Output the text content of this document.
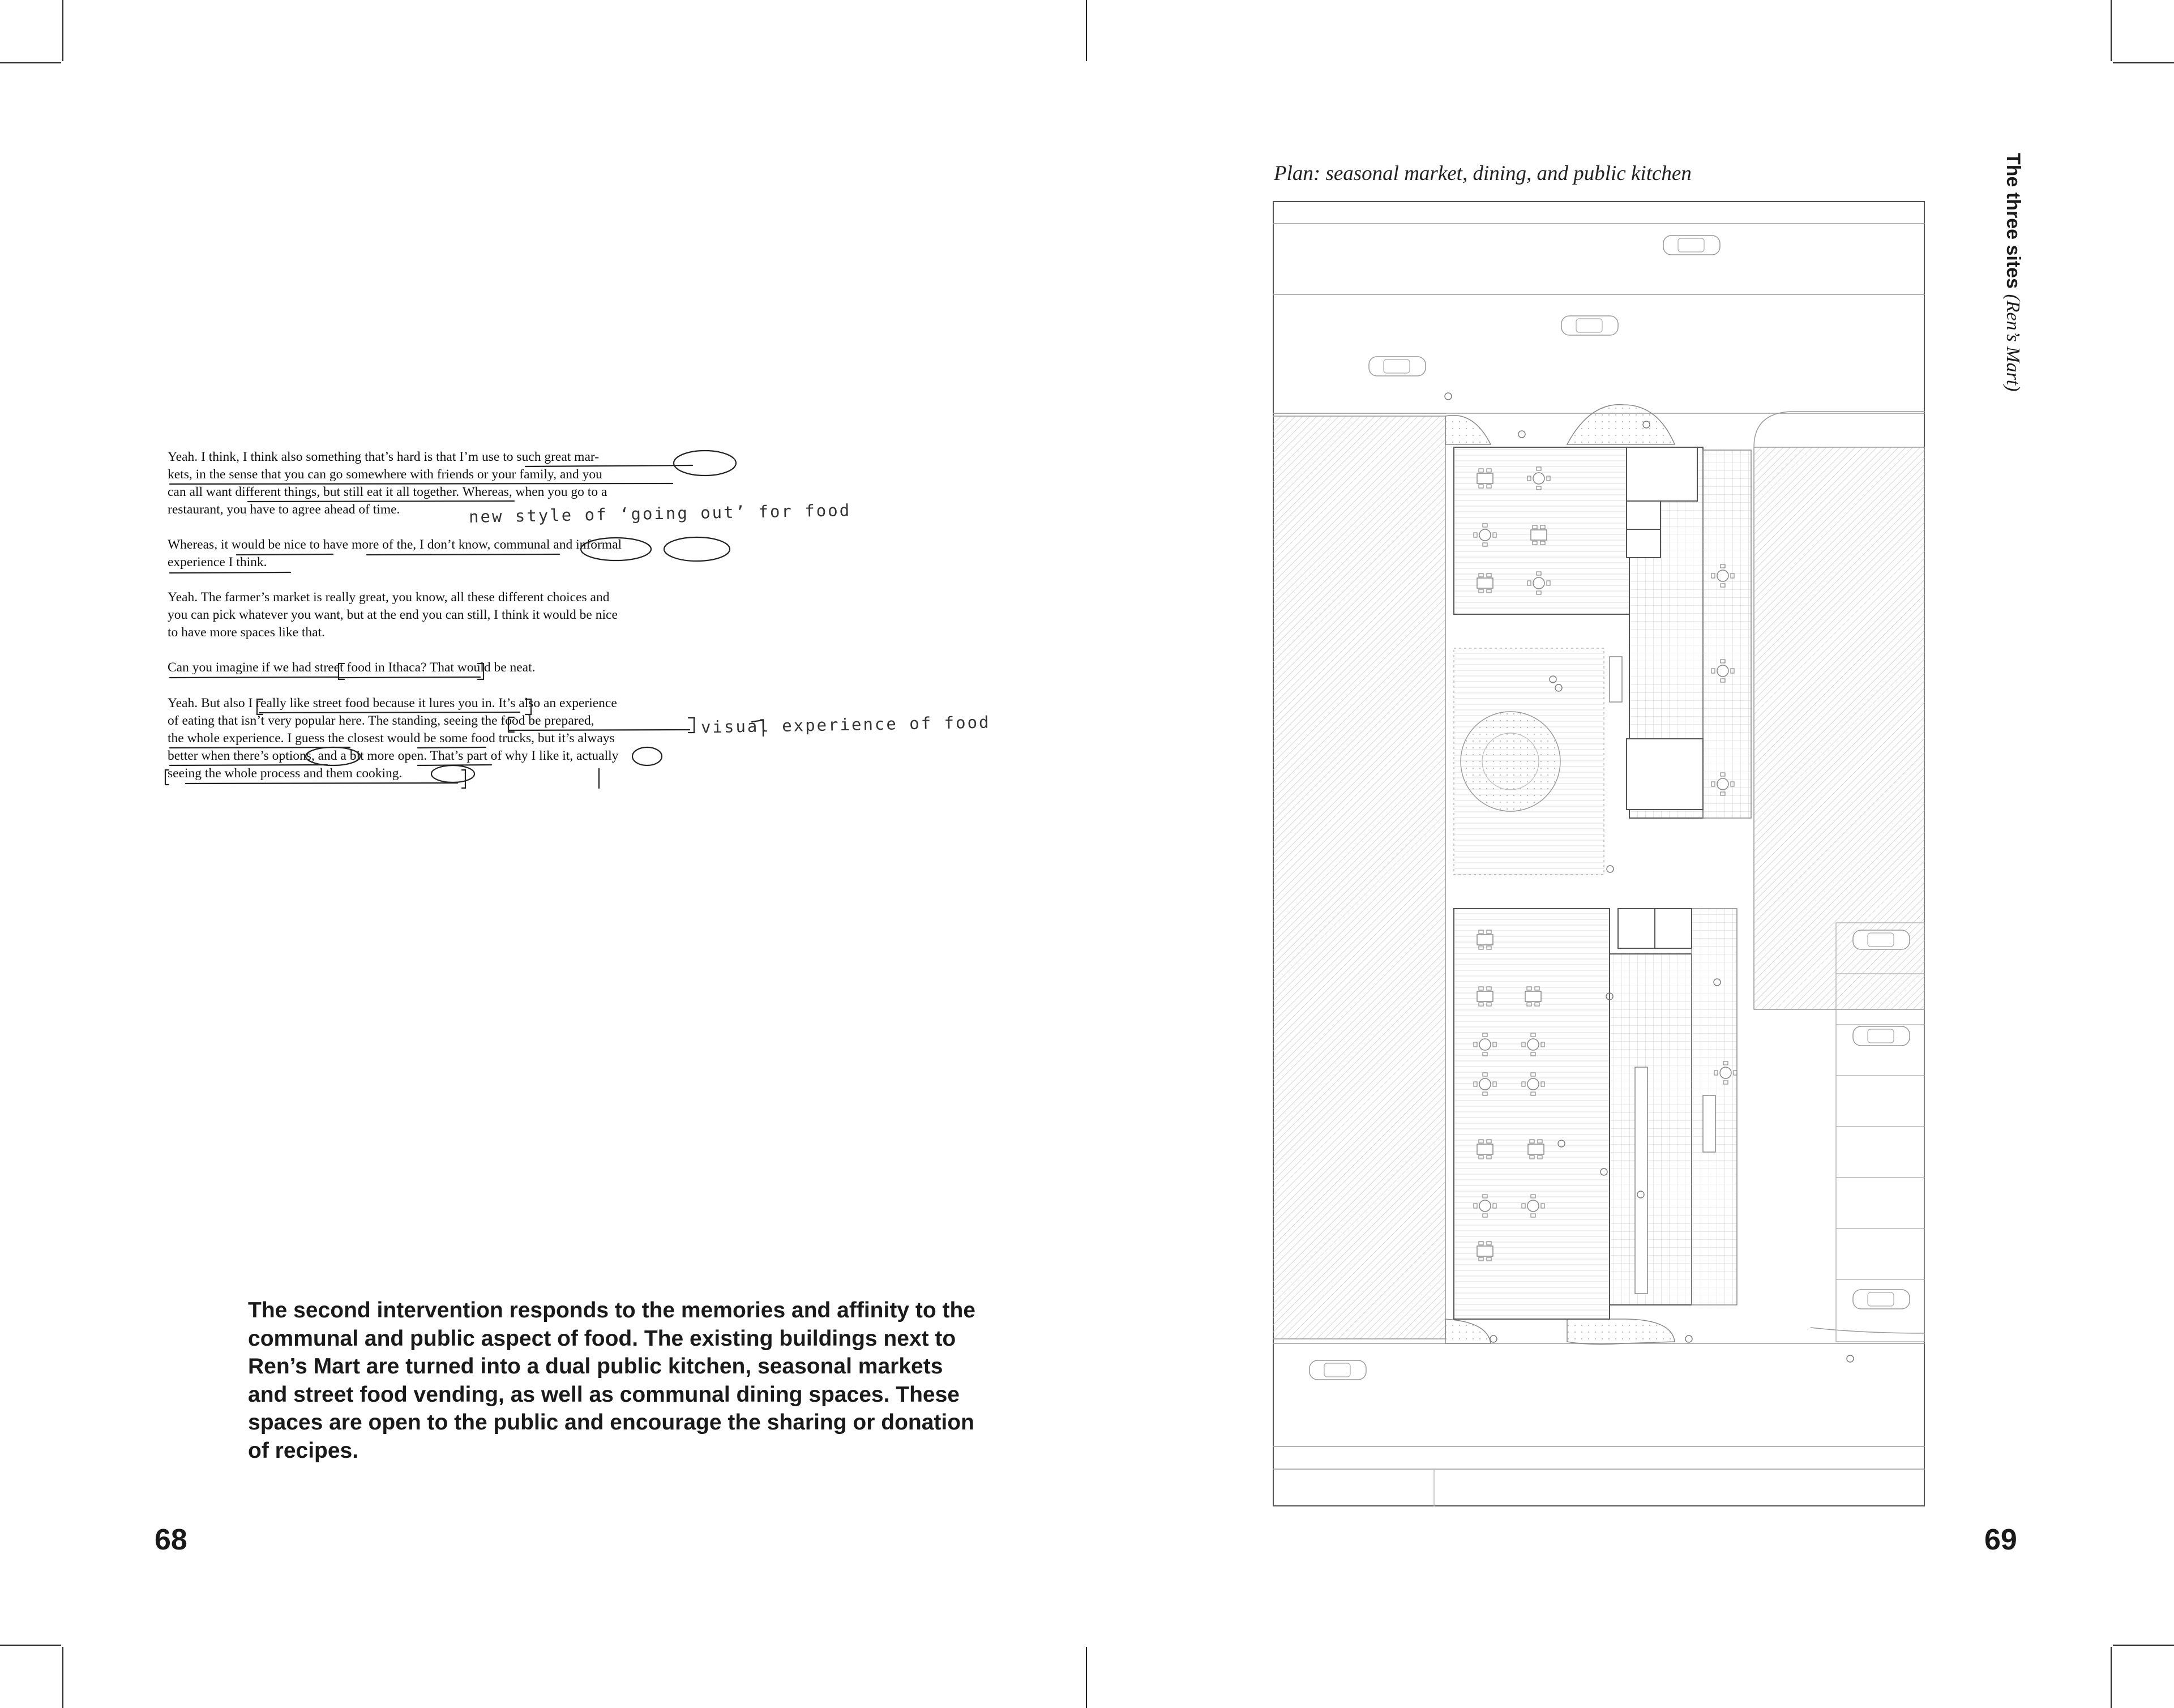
Yeah. I think, I think also something that’s hard is that I’m use to such great mar-
kets, in the sense that you can go somewhere with friends or your family, and you
can all want different things, but still eat it all together. Whereas, when you go to a
restaurant, you have to agree ahead of time.

Whereas, it would be nice to have more of the, I don’t know, communal and informal
experience I think.

Yeah. The farmer’s market is really great, you know, all these different choices and
you can pick whatever you want, but at the end you can still, I think it would be nice
to have more spaces like that.

Can you imagine if we had street food in Ithaca? That would be neat.

Yeah. But also I really like street food because it lures you in. It’s also an experience
of eating that isn’t very popular here. The standing, seeing the food be prepared,
the whole experience. I guess the closest would be some food trucks, but it’s always
better when there’s options, and a bit more open. That’s part of why I like it, actually
seeing the whole process and them cooking.

new style of ‘going out’ for food
visual experience of food

The second intervention responds to the memories and affinity to the communal and public aspect of food. The existing buildings next to Ren’s Mart are turned into a dual public kitchen, seasonal markets and street food vending, as well as communal dining spaces. These spaces are open to the public and encourage the sharing or donation of recipes.

68	69

Plan: seasonal market, dining, and public kitchen	The three sites (Ren’s Mart)
